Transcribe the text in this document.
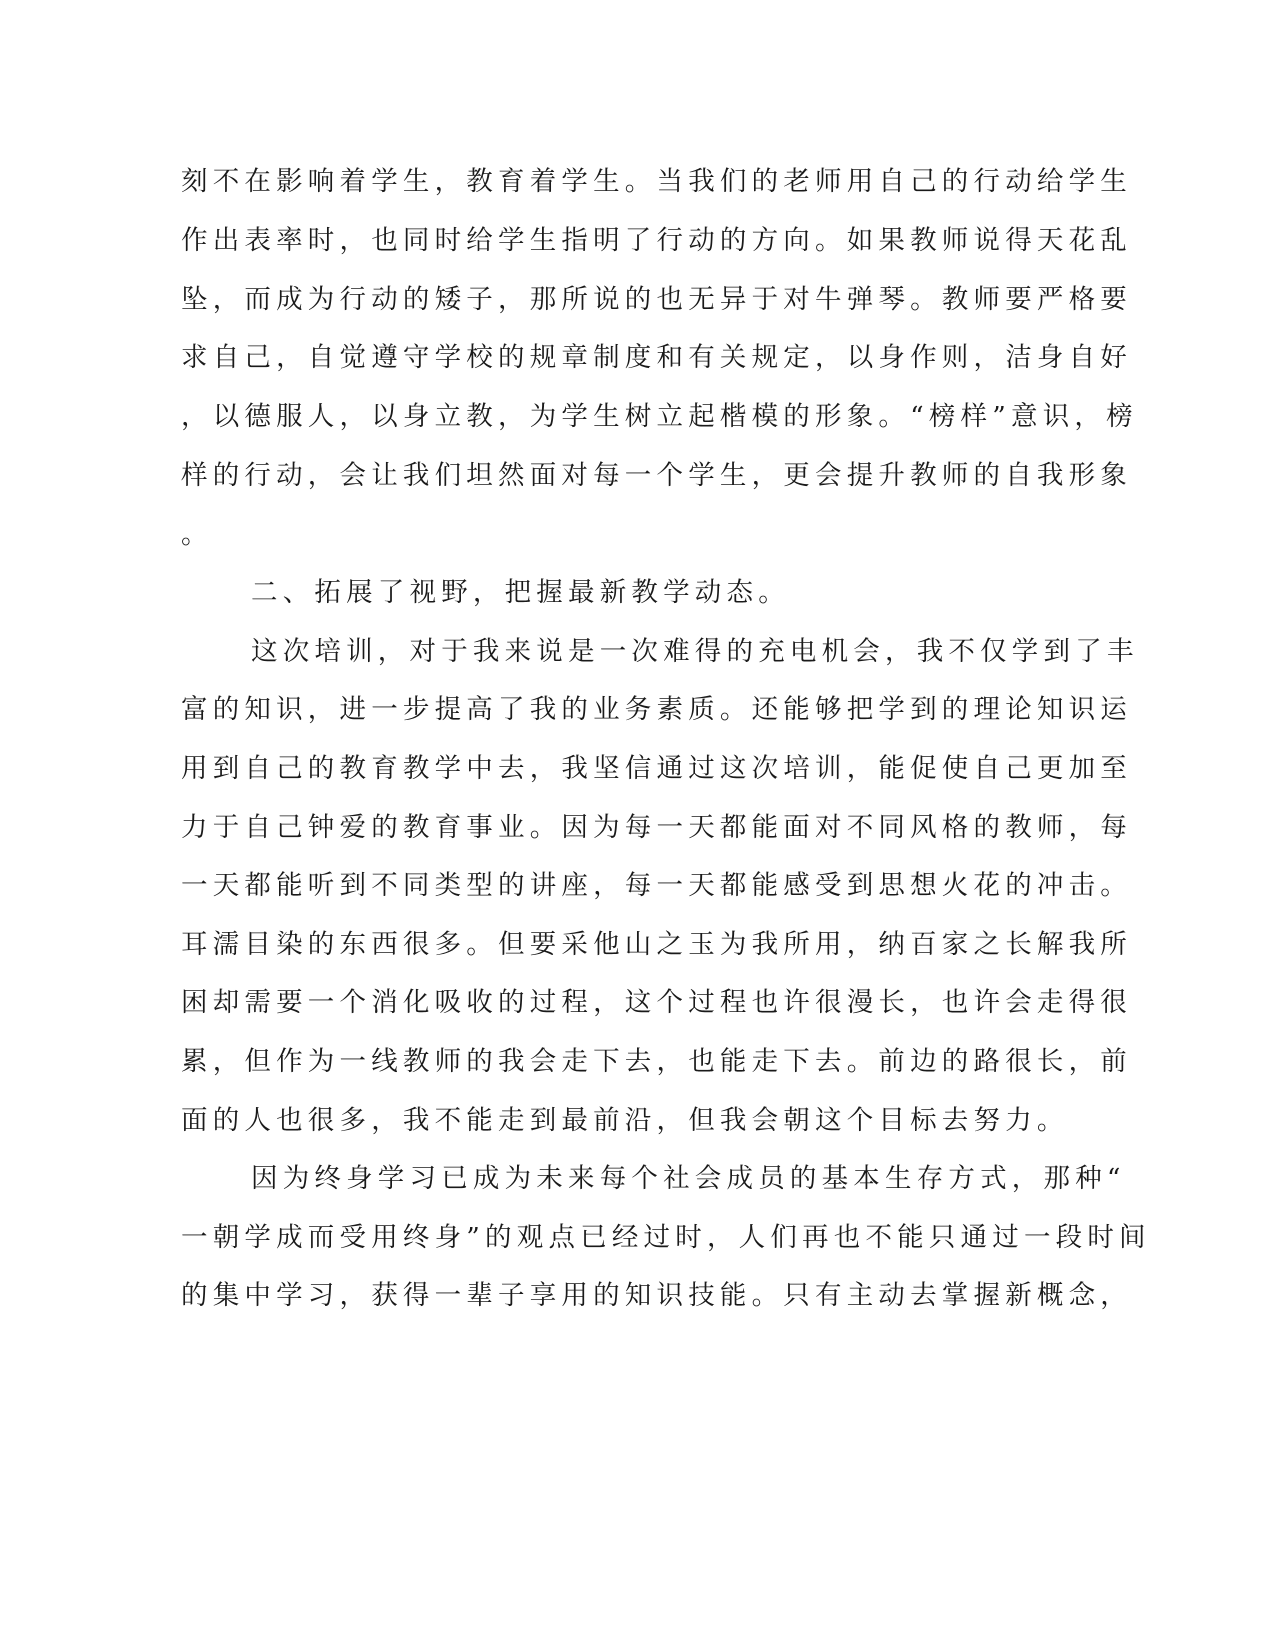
刻不在影响着学生，教育着学生。当我们的老师用自己的行动给学生
作出表率时，也同时给学生指明了行动的方向。如果教师说得天花乱
坠，而成为行动的矮子，那所说的也无异于对牛弹琴。教师要严格要
求自己，自觉遵守学校的规章制度和有关规定，以身作则，洁身自好
，以德服人，以身立教，为学生树立起楷模的形象。“榜样”意识，榜
样的行动，会让我们坦然面对每一个学生，更会提升教师的自我形象
。
二、拓展了视野，把握最新教学动态。
这次培训，对于我来说是一次难得的充电机会，我不仅学到了丰
富的知识，进一步提高了我的业务素质。还能够把学到的理论知识运
用到自己的教育教学中去，我坚信通过这次培训，能促使自己更加至
力于自己钟爱的教育事业。因为每一天都能面对不同风格的教师，每
一天都能听到不同类型的讲座，每一天都能感受到思想火花的冲击。
耳濡目染的东西很多。但要采他山之玉为我所用，纳百家之长解我所
困却需要一个消化吸收的过程，这个过程也许很漫长，也许会走得很
累，但作为一线教师的我会走下去，也能走下去。前边的路很长，前
面的人也很多，我不能走到最前沿，但我会朝这个目标去努力。
因为终身学习已成为未来每个社会成员的基本生存方式，那种“
一朝学成而受用终身”的观点已经过时，人们再也不能只通过一段时间
的集中学习，获得一辈子享用的知识技能。只有主动去掌握新概念，
